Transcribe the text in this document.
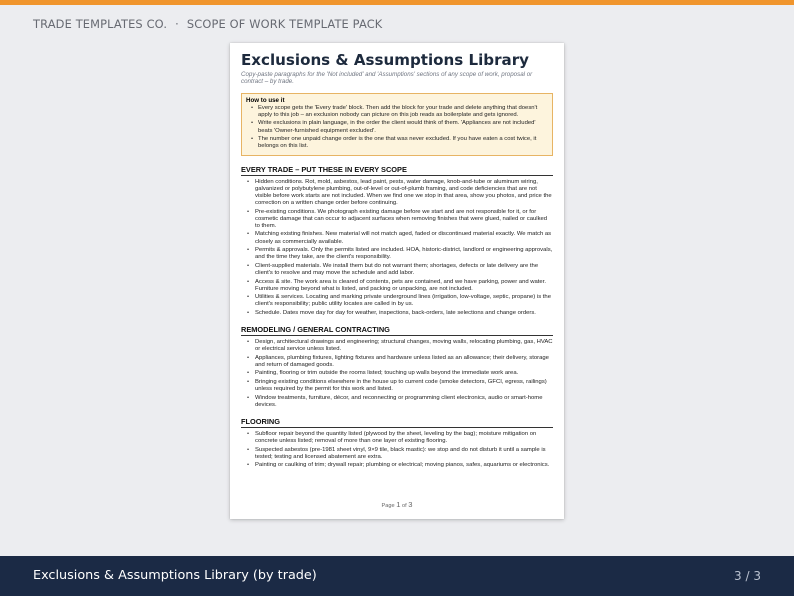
TRADE TEMPLATES CO. · SCOPE OF WORK TEMPLATE PACK
Exclusions & Assumptions Library
Copy-paste paragraphs for the 'Not included' and 'Assumptions' sections of any scope of work, proposal or contract – by trade.
How to use it
• Every scope gets the 'Every trade' block. Then add the block for your trade and delete anything that doesn't apply to this job – an exclusion nobody can picture on this job reads as boilerplate and gets ignored.
• Write exclusions in plain language, in the order the client would think of them. 'Appliances are not included' beats 'Owner-furnished equipment excluded'.
• The number one unpaid change order is the one that was never excluded. If you have eaten a cost twice, it belongs on this list.
EVERY TRADE – PUT THESE IN EVERY SCOPE
• Hidden conditions. Rot, mold, asbestos, lead paint, pests, water damage, knob-and-tube or aluminum wiring, galvanized or polybutylene plumbing, out-of-level or out-of-plumb framing, and code deficiencies that are not visible before work starts are not included. When we find one we stop in that area, show you photos, and price the correction on a written change order before continuing.
• Pre-existing conditions. We photograph existing damage before we start and are not responsible for it, or for cosmetic damage that can occur to adjacent surfaces when removing finishes that were glued, nailed or caulked to them.
• Matching existing finishes. New material will not match aged, faded or discontinued material exactly. We match as closely as commercially available.
• Permits & approvals. Only the permits listed are included. HOA, historic-district, landlord or engineering approvals, and the time they take, are the client's responsibility.
• Client-supplied materials. We install them but do not warrant them; shortages, defects or late delivery are the client's to resolve and may move the schedule and add labor.
• Access & site. The work area is cleared of contents, pets are contained, and we have parking, power and water. Furniture moving beyond what is listed, and packing or unpacking, are not included.
• Utilities & services. Locating and marking private underground lines (irrigation, low-voltage, septic, propane) is the client's responsibility; public utility locates are called in by us.
• Schedule. Dates move day for day for weather, inspections, back-orders, late selections and change orders.
REMODELING / GENERAL CONTRACTING
• Design, architectural drawings and engineering; structural changes, moving walls, relocating plumbing, gas, HVAC or electrical service unless listed.
• Appliances, plumbing fixtures, lighting fixtures and hardware unless listed as an allowance; their delivery, storage and return of damaged goods.
• Painting, flooring or trim outside the rooms listed; touching up walls beyond the immediate work area.
• Bringing existing conditions elsewhere in the house up to current code (smoke detectors, GFCI, egress, railings) unless required by the permit for this work and listed.
• Window treatments, furniture, décor, and reconnecting or programming client electronics, audio or smart-home devices.
FLOORING
• Subfloor repair beyond the quantity listed (plywood by the sheet, leveling by the bag); moisture mitigation on concrete unless listed; removal of more than one layer of existing flooring.
• Suspected asbestos (pre-1981 sheet vinyl, 9×9 tile, black mastic): we stop and do not disturb it until a sample is tested; testing and licensed abatement are extra.
• Painting or caulking of trim; drywall repair; plumbing or electrical; moving pianos, safes, aquariums or electronics.
Page 1 of 3
Exclusions & Assumptions Library (by trade)	3 / 3
